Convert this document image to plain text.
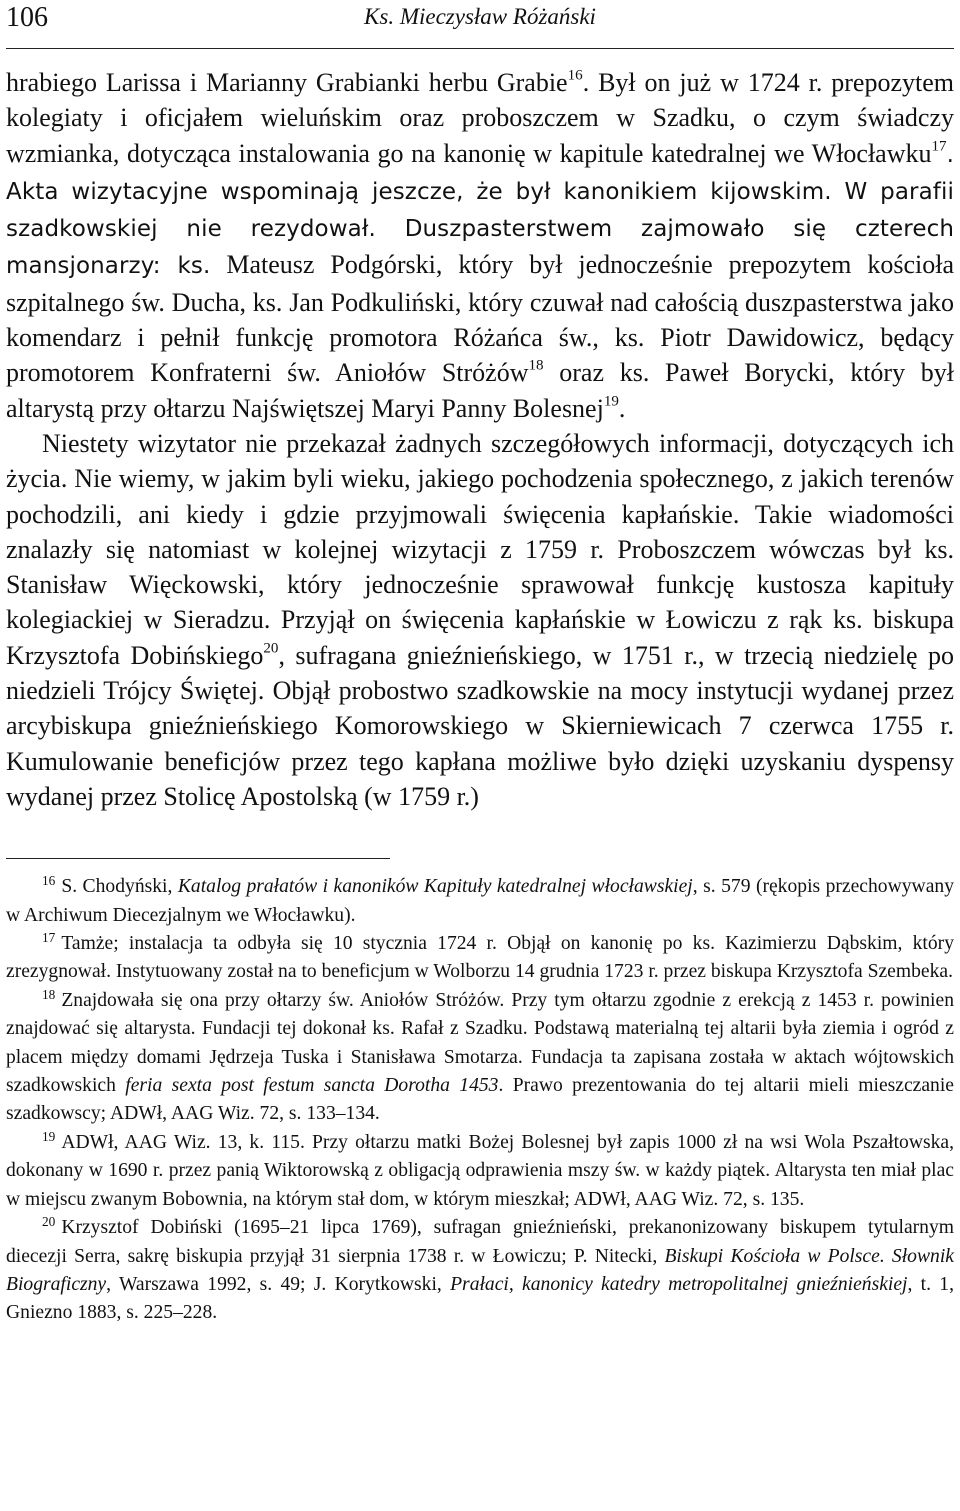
106	Ks. Mieczysław Różański

hrabiego Larissa i Marianny Grabianki herbu Grabie$^{16}$. Był on już w 1724 r. prepozytem kolegiaty i oficjałem wieluńskim oraz proboszczem w Szadku, o czym świadczy wzmianka, dotycząca instalowania go na kanonię w kapitule katedralnej we Włocławku$^{17}$. Akta wizytacyjne wspominają jeszcze, że był kanonikiem kijowskim. W parafii szadkowskiej nie rezydował. Duszpasterstwem zajmowało się czterech mansjonarzy: ks. Mateusz Podgórski, który był jednocześnie prepozytem kościoła szpitalnego św. Ducha, ks. Jan Podkuliński, który czuwał nad całością duszpasterstwa jako komendarz i pełnił funkcję promotora Różańca św., ks. Piotr Dawidowicz, będący promotorem Konfraterni św. Aniołów Stróżów$^{18}$ oraz ks. Paweł Borycki, który był altarystą przy ołtarzu Najświętszej Maryi Panny Bolesnej$^{19}$.

Niestety wizytator nie przekazał żadnych szczegółowych informacji, dotyczących ich życia. Nie wiemy, w jakim byli wieku, jakiego pochodzenia społecznego, z jakich terenów pochodzili, ani kiedy i gdzie przyjmowali święcenia kapłańskie. Takie wiadomości znalazły się natomiast w kolejnej wizytacji z 1759 r. Proboszczem wówczas był ks. Stanisław Więckowski, który jednocześnie sprawował funkcję kustosza kapituły kolegiackiej w Sieradzu. Przyjął on święcenia kapłańskie w Łowiczu z rąk ks. biskupa Krzysztofa Dobińskiego$^{20}$, sufragana gnieźnieńskiego, w 1751 r., w trzecią niedzielę po niedzieli Trójcy Świętej. Objął probostwo szadkowskie na mocy instytucji wydanej przez arcybiskupa gnieźnieńskiego Komorowskiego w Skierniewicach 7 czerwca 1755 r. Kumulowanie beneficjów przez tego kapłana możliwe było dzięki uzyskaniu dyspensy wydanej przez Stolicę Apostolską (w 1759 r.)

$^{16}$ S. Chodyński, Katalog prałatów i kanoników Kapituły katedralnej włocławskiej, s. 579 (rękopis przechowywany w Archiwum Diecezjalnym we Włocławku).

$^{17}$ Tamże; instalacja ta odbyła się 10 stycznia 1724 r. Objął on kanonię po ks. Kazimierzu Dąbskim, który zrezygnował. Instytuowany został na to beneficjum w Wolborzu 14 grudnia 1723 r. przez biskupa Krzysztofa Szembeka.

$^{18}$ Znajdowała się ona przy ołtarzy św. Aniołów Stróżów. Przy tym ołtarzu zgodnie z erekcją z 1453 r. powinien znajdować się altarysta. Fundacji tej dokonał ks. Rafał z Szadku. Podstawą materialną tej altarii była ziemia i ogród z placem między domami Jędrzeja Tuska i Stanisława Smotarza. Fundacja ta zapisana została w aktach wójtowskich szadkowskich feria sexta post festum sancta Dorotha 1453. Prawo prezentowania do tej altarii mieli mieszczanie szadkowscy; ADWł, AAG Wiz. 72, s. 133–134.

$^{19}$ ADWł, AAG Wiz. 13, k. 115. Przy ołtarzu matki Bożej Bolesnej był zapis 1000 zł na wsi Wola Pszałtowska, dokonany w 1690 r. przez panią Wiktorowską z obligacją odprawienia mszy św. w każdy piątek. Altarysta ten miał plac w miejscu zwanym Bobownia, na którym stał dom, w którym mieszkał; ADWł, AAG Wiz. 72, s. 135.

$^{20}$ Krzysztof Dobiński (1695–21 lipca 1769), sufragan gnieźnieński, prekanonizowany biskupem tytularnym diecezji Serra, sakrę biskupia przyjął 31 sierpnia 1738 r. w Łowiczu; P. Nitecki, Biskupi Kościoła w Polsce. Słownik Biograficzny, Warszawa 1992, s. 49; J. Korytkowski, Prałaci, kanonicy katedry metropolitalnej gnieźnieńskiej, t. 1, Gniezno 1883, s. 225–228.
